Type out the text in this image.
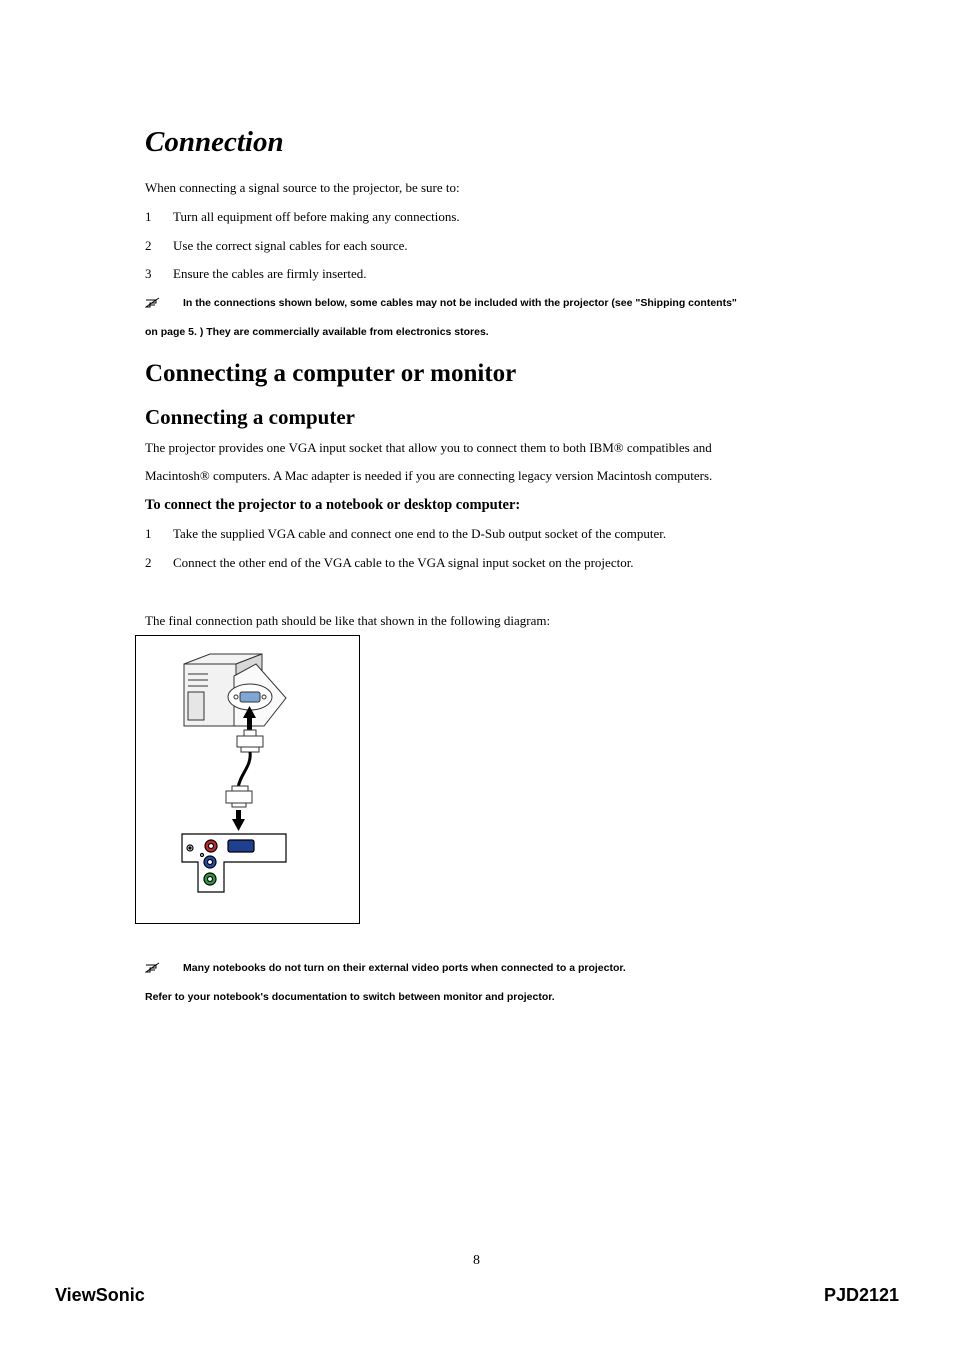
Connection
When connecting a signal source to the projector, be sure to:
1 Turn all equipment off before making any connections.
2 Use the correct signal cables for each source.
3 Ensure the cables are firmly inserted.
In the connections shown below, some cables may not be included with the projector (see "Shipping contents"
on page 5. ) They are commercially available from electronics stores.
Connecting a computer or monitor
Connecting a computer
The projector provides one VGA input socket that allow you to connect them to both IBM® compatibles and
Macintosh® computers. A Mac adapter is needed if you are connecting legacy version Macintosh computers.
To connect the projector to a notebook or desktop computer:
1 Take the supplied VGA cable and connect one end to the D-Sub output socket of the computer.
2 Connect the other end of the VGA cable to the VGA signal input socket on the projector.
The final connection path should be like that shown in the following diagram:
Many notebooks do not turn on their external video ports when connected to a projector.
Refer to your notebook's documentation to switch between monitor and projector.
8
ViewSonic	PJD2121
